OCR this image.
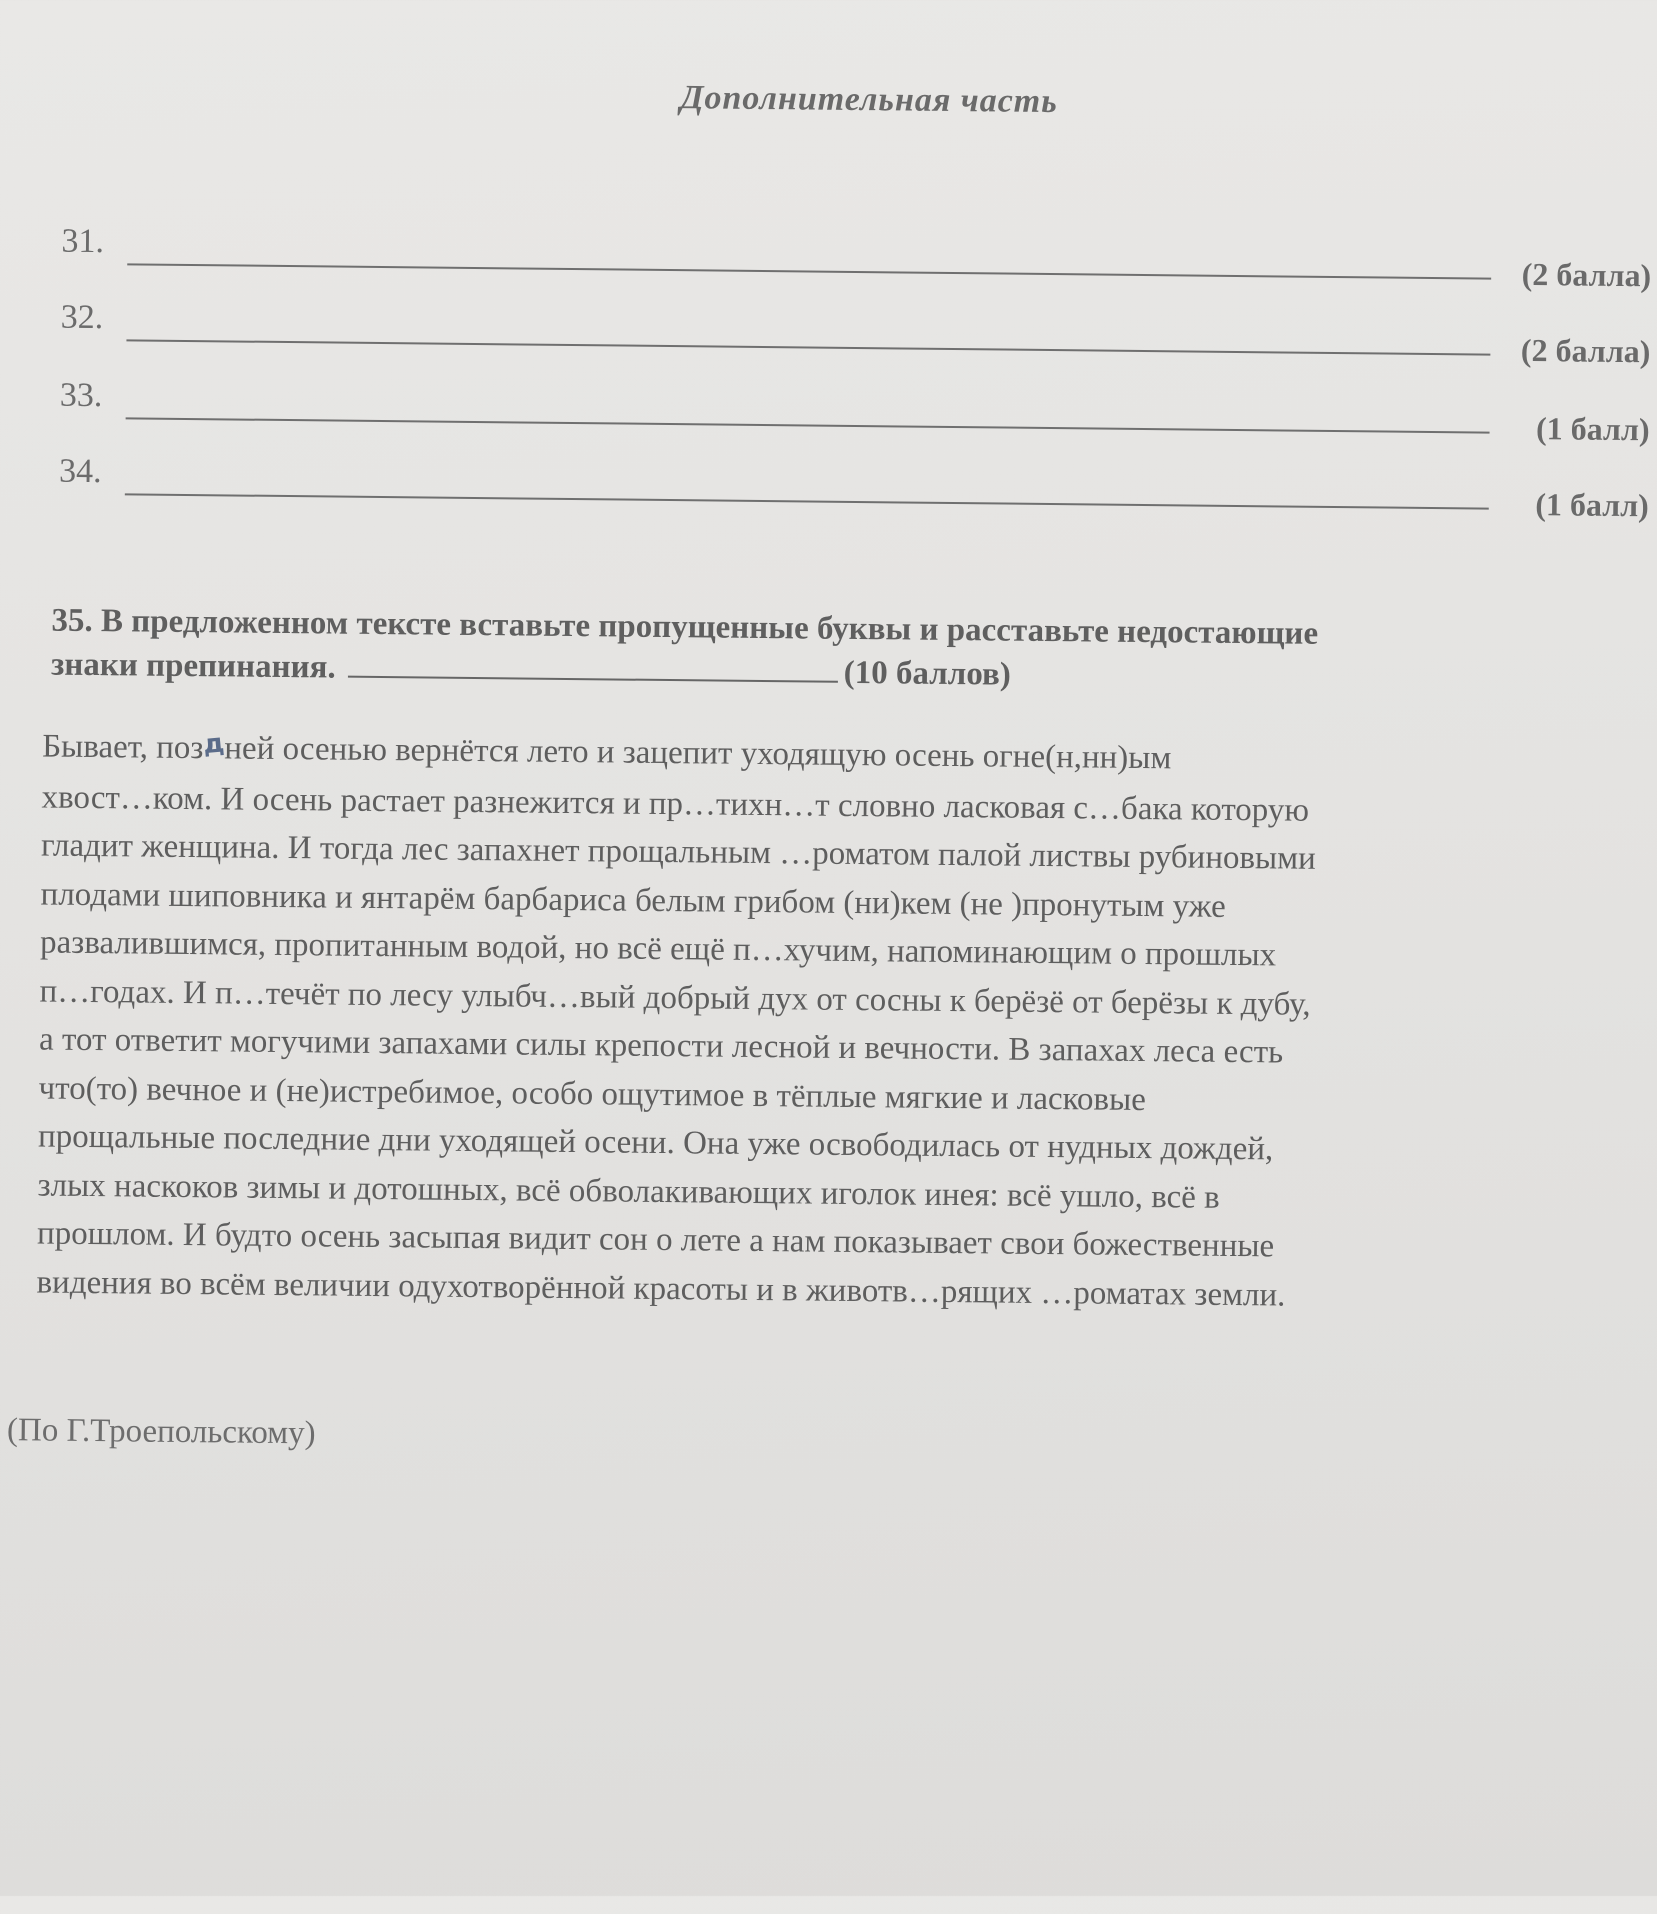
Дополнительная часть
31.
(2 балла)
32.
(2 балла)
33.
(1 балл)
34.
(1 балл)
35. В предложенном тексте вставьте пропущенные буквы и расставьте недостающие
знаки препинания.	(10 баллов)
Бывает, поздней осенью вернётся лето и зацепит уходящую осень огне(н,нн)ым
хвост…ком. И осень растает разнежится и пр…тихн…т словно ласковая с…бака которую
гладит женщина. И тогда лес запахнет прощальным …роматом палой листвы рубиновыми
плодами шиповника и янтарём барбариса белым грибом (ни)кем (не )пронутым уже
развалившимся, пропитанным водой, но всё ещё п…хучим, напоминающим о прошлых
п…годах. И п…течёт по лесу улыбч…вый добрый дух от сосны к берёзё от берёзы к дубу,
а тот ответит могучими запахами силы крепости лесной и вечности. В запахах леса есть
что(то) вечное и (не)истребимое, особо ощутимое в тёплые мягкие и ласковые
прощальные последние дни уходящей осени. Она уже освободилась от нудных дождей,
злых наскоков зимы и дотошных, всё обволакивающих иголок инея: всё ушло, всё в
прошлом. И будто осень засыпая видит сон о лете а нам показывает свои божественные
видения во всём величии одухотворённой красоты и в животв…рящих …роматах земли.
(По Г.Троепольскому)
